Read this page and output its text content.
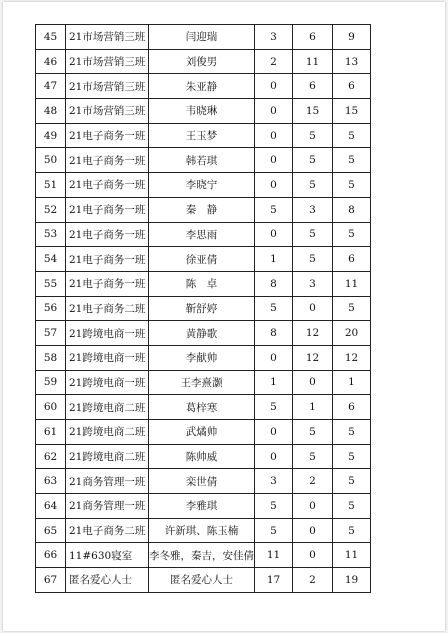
45	21市场营销三班	闫迎瑞	3	6	9
46	21市场营销三班	刘俊男	2	11	13
47	21市场营销三班	朱亚静	0	6	6
48	21市场营销三班	韦晓琳	0	15	15
49	21电子商务一班	王玉梦	0	5	5
50	21电子商务一班	韩若琪	0	5	5
51	21电子商务一班	李晓宁	0	5	5
52	21电子商务一班	秦　静	5	3	8
53	21电子商务一班	李思雨	0	5	5
54	21电子商务一班	徐亚倩	1	5	6
55	21电子商务一班	陈　卓	8	3	11
56	21电子商务二班	靳舒婷	5	0	5
57	21跨境电商一班	黄静歌	8	12	20
58	21跨境电商一班	李献帅	0	12	12
59	21跨境电商一班	王李熹灏	1	0	1
60	21跨境电商二班	葛梓寒	5	1	6
61	21跨境电商二班	武燏帅	0	5	5
62	21跨境电商二班	陈帅威	0	5	5
63	21商务管理一班	栾世倩	3	2	5
64	21商务管理一班	李雅琪	5	0	5
65	21电子商务二班	许新琪、陈玉楠	5	0	5
66	11#630寝室	李冬雅，秦吉，安佳倩	11	0	11
67	匿名爱心人士	匿名爱心人士	17	2	19
